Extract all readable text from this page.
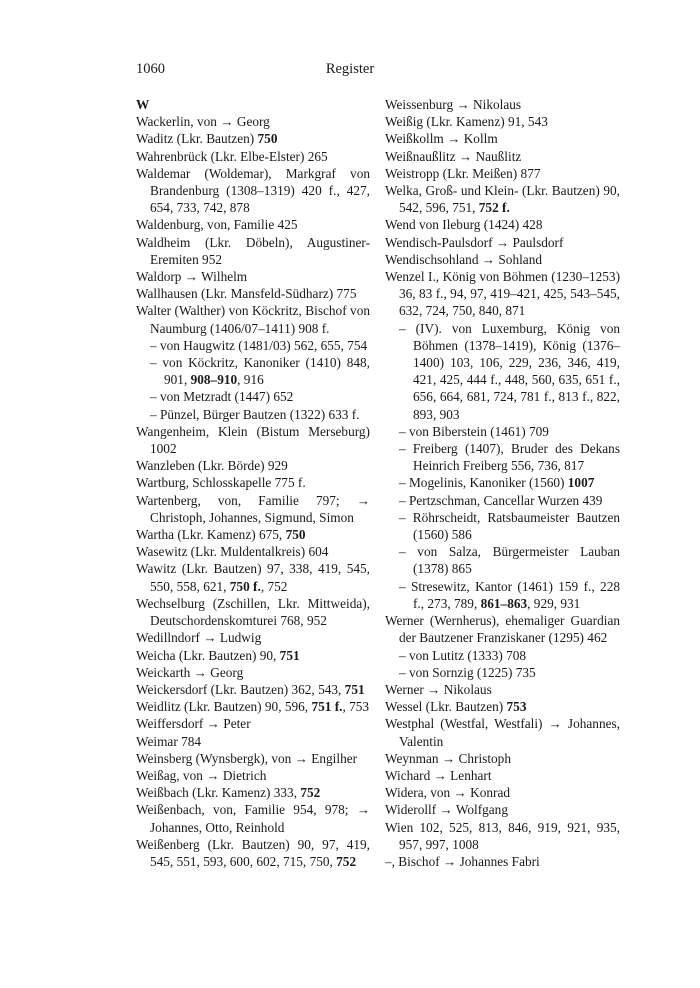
1060	Register

W

Wackerlin, von → Georg

Waditz (Lkr. Bautzen) 750

Wahrenbrück (Lkr. Elbe-Elster) 265

Waldemar (Woldemar), Markgraf von Brandenburg (1308–1319) 420 f., 427, 654, 733, 742, 878

Waldenburg, von, Familie 425

Waldheim (Lkr. Döbeln), Augustiner-Eremiten 952

Waldorp → Wilhelm

Wallhausen (Lkr. Mansfeld-Südharz) 775

Walter (Walther) von Köckritz, Bischof von Naumburg (1406/07–1411) 908 f.

– von Haugwitz (1481/03) 562, 655, 754

– von Köckritz, Kanoniker (1410) 848, 901, 908–910, 916

– von Metzradt (1447) 652

– Pünzel, Bürger Bautzen (1322) 633 f.

Wangenheim, Klein (Bistum Merseburg) 1002

Wanzleben (Lkr. Börde) 929

Wartburg, Schlosskapelle 775 f.

Wartenberg, von, Familie 797; → Christoph, Johannes, Sigmund, Simon

Wartha (Lkr. Kamenz) 675, 750

Wasewitz (Lkr. Muldentalkreis) 604

Wawitz (Lkr. Bautzen) 97, 338, 419, 545, 550, 558, 621, 750 f., 752

Wechselburg (Zschillen, Lkr. Mittweida), Deutschordenskomturei 768, 952

Wedillndorf → Ludwig

Weicha (Lkr. Bautzen) 90, 751

Weickarth → Georg

Weickersdorf (Lkr. Bautzen) 362, 543, 751

Weidlitz (Lkr. Bautzen) 90, 596, 751 f., 753

Weiffersdorf → Peter

Weimar 784

Weinsberg (Wynsbergk), von → Engilher

Weißag, von → Dietrich

Weißbach (Lkr. Kamenz) 333, 752

Weißenbach, von, Familie 954, 978; → Johannes, Otto, Reinhold

Weißenberg (Lkr. Bautzen) 90, 97, 419, 545, 551, 593, 600, 602, 715, 750, 752

Weissenburg → Nikolaus

Weißig (Lkr. Kamenz) 91, 543

Weißkollm → Kollm

Weißnaußlitz → Naußlitz

Weistropp (Lkr. Meißen) 877

Welka, Groß- und Klein- (Lkr. Bautzen) 90, 542, 596, 751, 752 f.

Wend von Ileburg (1424) 428

Wendisch-Paulsdorf → Paulsdorf

Wendischsohland → Sohland

Wenzel I., König von Böhmen (1230–1253) 36, 83 f., 94, 97, 419–421, 425, 543–545, 632, 724, 750, 840, 871

– (IV). von Luxemburg, König von Böhmen (1378–1419), König (1376–1400) 103, 106, 229, 236, 346, 419, 421, 425, 444 f., 448, 560, 635, 651 f., 656, 664, 681, 724, 781 f., 813 f., 822, 893, 903

– von Biberstein (1461) 709

– Freiberg (1407), Bruder des Dekans Heinrich Freiberg 556, 736, 817

– Mogelinis, Kanoniker (1560) 1007

– Pertzschman, Cancellar Wurzen 439

– Röhrscheidt, Ratsbaumeister Bautzen (1560) 586

– von Salza, Bürgermeister Lauban (1378) 865

– Stresewitz, Kantor (1461) 159 f., 228 f., 273, 789, 861–863, 929, 931

Werner (Wernherus), ehemaliger Guardian der Bautzener Franziskaner (1295) 462

– von Lutitz (1333) 708

– von Sornzig (1225) 735

Werner → Nikolaus

Wessel (Lkr. Bautzen) 753

Westphal (Westfal, Westfali) → Johannes, Valentin

Weynman → Christoph

Wichard → Lenhart

Widera, von → Konrad

Widerollf → Wolfgang

Wien 102, 525, 813, 846, 919, 921, 935, 957, 997, 1008

–, Bischof → Johannes Fabri
